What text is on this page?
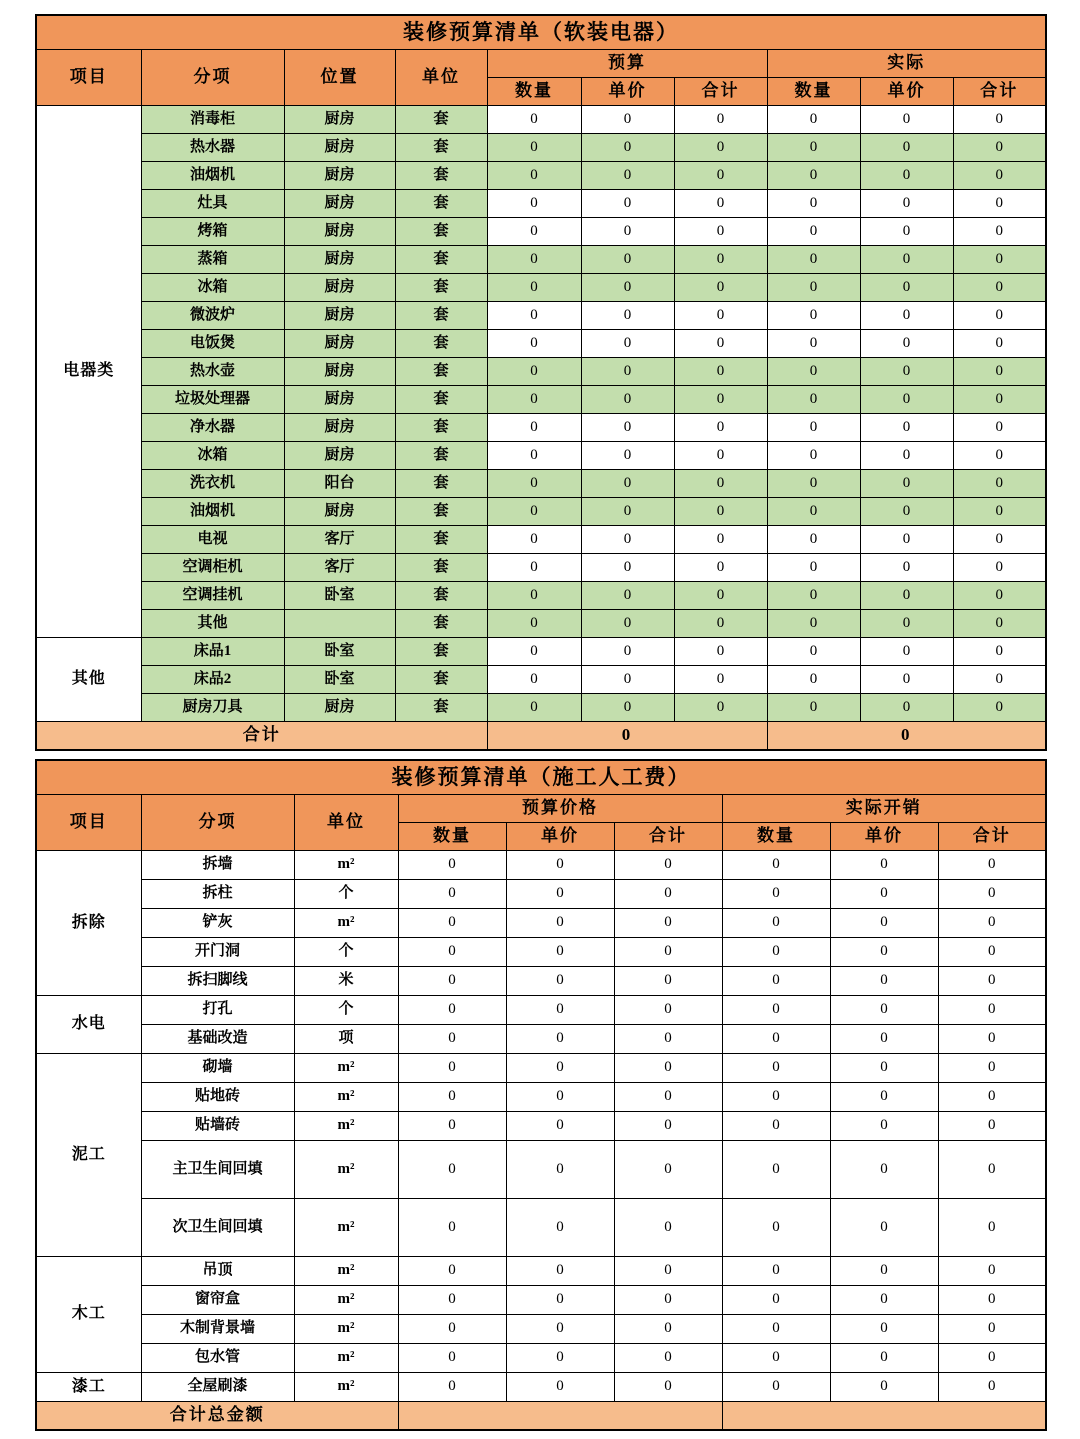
装修预算清单（软装电器）									
项目	分项	位置	单位	预算			实际		
				数量	单价	合计	数量	单价	合计
电器类	消毒柜	厨房	套	0	0	0	0	0	0
	热水器	厨房	套	0	0	0	0	0	0
	油烟机	厨房	套	0	0	0	0	0	0
	灶具	厨房	套	0	0	0	0	0	0
	烤箱	厨房	套	0	0	0	0	0	0
	蒸箱	厨房	套	0	0	0	0	0	0
	冰箱	厨房	套	0	0	0	0	0	0
	微波炉	厨房	套	0	0	0	0	0	0
	电饭煲	厨房	套	0	0	0	0	0	0
	热水壶	厨房	套	0	0	0	0	0	0
	垃圾处理器	厨房	套	0	0	0	0	0	0
	净水器	厨房	套	0	0	0	0	0	0
	冰箱	厨房	套	0	0	0	0	0	0
	洗衣机	阳台	套	0	0	0	0	0	0
	油烟机	厨房	套	0	0	0	0	0	0
	电视	客厅	套	0	0	0	0	0	0
	空调柜机	客厅	套	0	0	0	0	0	0
	空调挂机	卧室	套	0	0	0	0	0	0
	其他		套	0	0	0	0	0	0
其他	床品1	卧室	套	0	0	0	0	0	0
	床品2	卧室	套	0	0	0	0	0	0
	厨房刀具	厨房	套	0	0	0	0	0	0
合计				0			0		
装修预算清单（施工人工费）								
项目	分项	单位	预算价格			实际开销		
			数量	单价	合计	数量	单价	合计
拆除	拆墙	m²	0	0	0	0	0	0
	拆柱	个	0	0	0	0	0	0
	铲灰	m²	0	0	0	0	0	0
	开门洞	个	0	0	0	0	0	0
	拆扫脚线	米	0	0	0	0	0	0
水电	打孔	个	0	0	0	0	0	0
	基础改造	项	0	0	0	0	0	0
泥工	砌墙	m²	0	0	0	0	0	0
	贴地砖	m²	0	0	0	0	0	0
	贴墙砖	m²	0	0	0	0	0	0
	主卫生间回填	m²	0	0	0	0	0	0
	次卫生间回填	m²	0	0	0	0	0	0
木工	吊顶	m²	0	0	0	0	0	0
	窗帘盒	m²	0	0	0	0	0	0
	木制背景墙	m²	0	0	0	0	0	0
	包水管	m²	0	0	0	0	0	0
漆工	全屋刷漆	m²	0	0	0	0	0	0
合计总金额								
